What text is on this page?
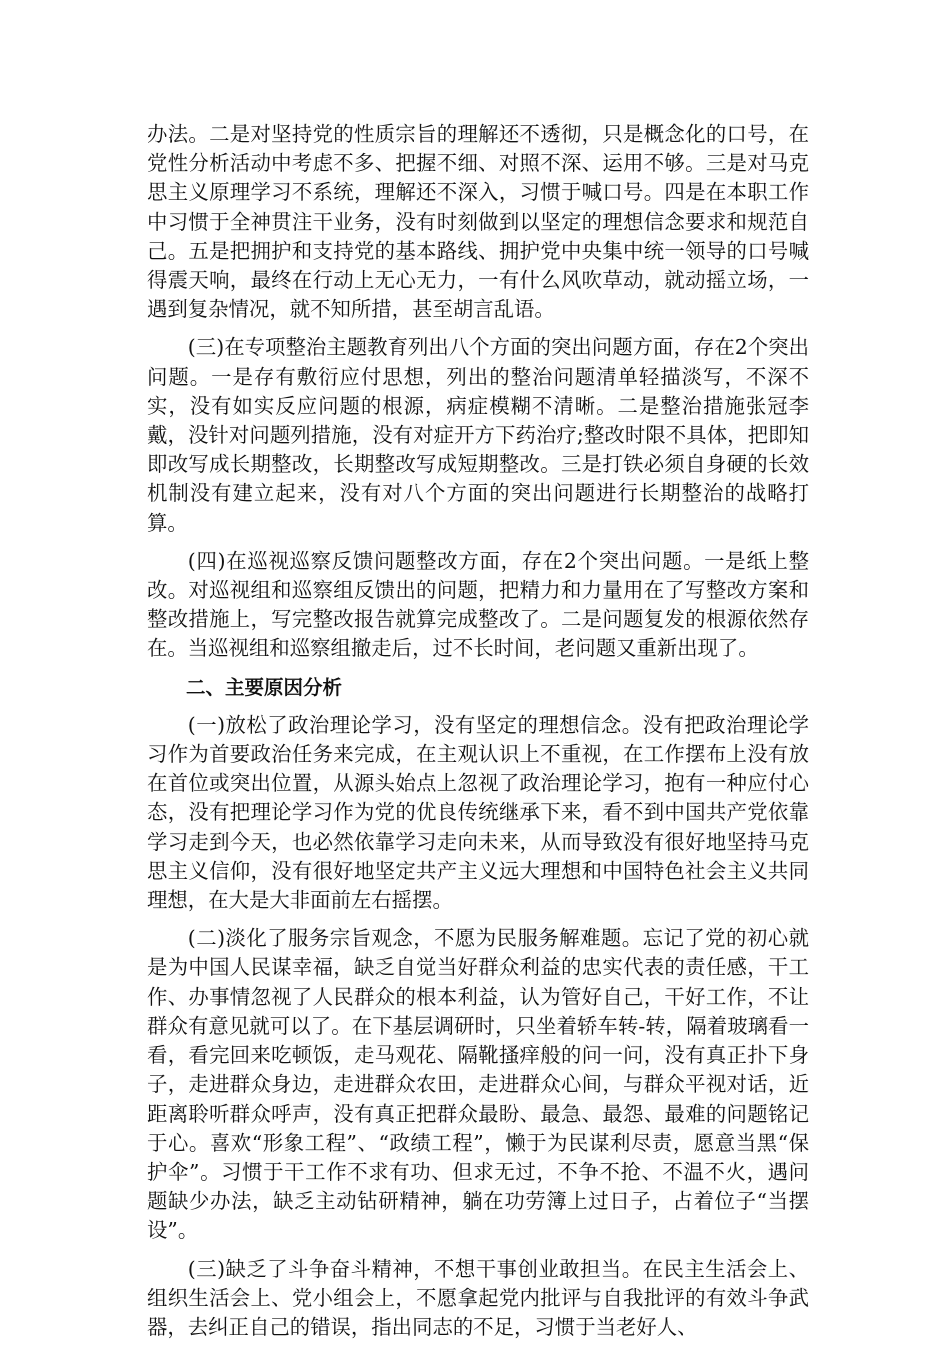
办法。二是对坚持党的性质宗旨的理解还不透彻，只是概念化的口号，在党性分析活动中考虑不多、把握不细、对照不深、运用不够。三是对马克思主义原理学习不系统，理解还不深入，习惯于喊口号。四是在本职工作中习惯于全神贯注干业务，没有时刻做到以坚定的理想信念要求和规范自己。五是把拥护和支持党的基本路线、拥护党中央集中统一领导的口号喊得震天响，最终在行动上无心无力，一有什么风吹草动，就动摇立场，一遇到复杂情况，就不知所措，甚至胡言乱语。

(三)在专项整治主题教育列出八个方面的突出问题方面，存在2个突出问题。一是存有敷衍应付思想，列出的整治问题清单轻描淡写，不深不实，没有如实反应问题的根源，病症模糊不清晰。二是整治措施张冠李戴，没针对问题列措施，没有对症开方下药治疗;整改时限不具体，把即知即改写成长期整改，长期整改写成短期整改。三是打铁必须自身硬的长效机制没有建立起来，没有对八个方面的突出问题进行长期整治的战略打算。

(四)在巡视巡察反馈问题整改方面，存在2个突出问题。一是纸上整改。对巡视组和巡察组反馈出的问题，把精力和力量用在了写整改方案和整改措施上，写完整改报告就算完成整改了。二是问题复发的根源依然存在。当巡视组和巡察组撤走后，过不长时间，老问题又重新出现了。

二、主要原因分析

(一)放松了政治理论学习，没有坚定的理想信念。没有把政治理论学习作为首要政治任务来完成，在主观认识上不重视，在工作摆布上没有放在首位或突出位置，从源头始点上忽视了政治理论学习，抱有一种应付心态，没有把理论学习作为党的优良传统继承下来，看不到中国共产党依靠学习走到今天，也必然依靠学习走向未来，从而导致没有很好地坚持马克思主义信仰，没有很好地坚定共产主义远大理想和中国特色社会主义共同理想，在大是大非面前左右摇摆。

(二)淡化了服务宗旨观念，不愿为民服务解难题。忘记了党的初心就是为中国人民谋幸福，缺乏自觉当好群众利益的忠实代表的责任感，干工作、办事情忽视了人民群众的根本利益，认为管好自己，干好工作，不让群众有意见就可以了。在下基层调研时，只坐着轿车转-转，隔着玻璃看一看，看完回来吃顿饭，走马观花、隔靴搔痒般的问一问，没有真正扑下身子，走进群众身边，走进群众农田，走进群众心间，与群众平视对话，近距离聆听群众呼声，没有真正把群众最盼、最急、最怨、最难的问题铭记于心。喜欢“形象工程”、“政绩工程”，懒于为民谋利尽责，愿意当黑“保护伞”。习惯于干工作不求有功、但求无过，不争不抢、不温不火，遇问题缺少办法，缺乏主动钻研精神，躺在功劳簿上过日子，占着位子“当摆设”。

(三)缺乏了斗争奋斗精神，不想干事创业敢担当。在民主生活会上、组织生活会上、党小组会上，不愿拿起党内批评与自我批评的有效斗争武器，去纠正自己的错误，指出同志的不足，习惯于当老好人、
